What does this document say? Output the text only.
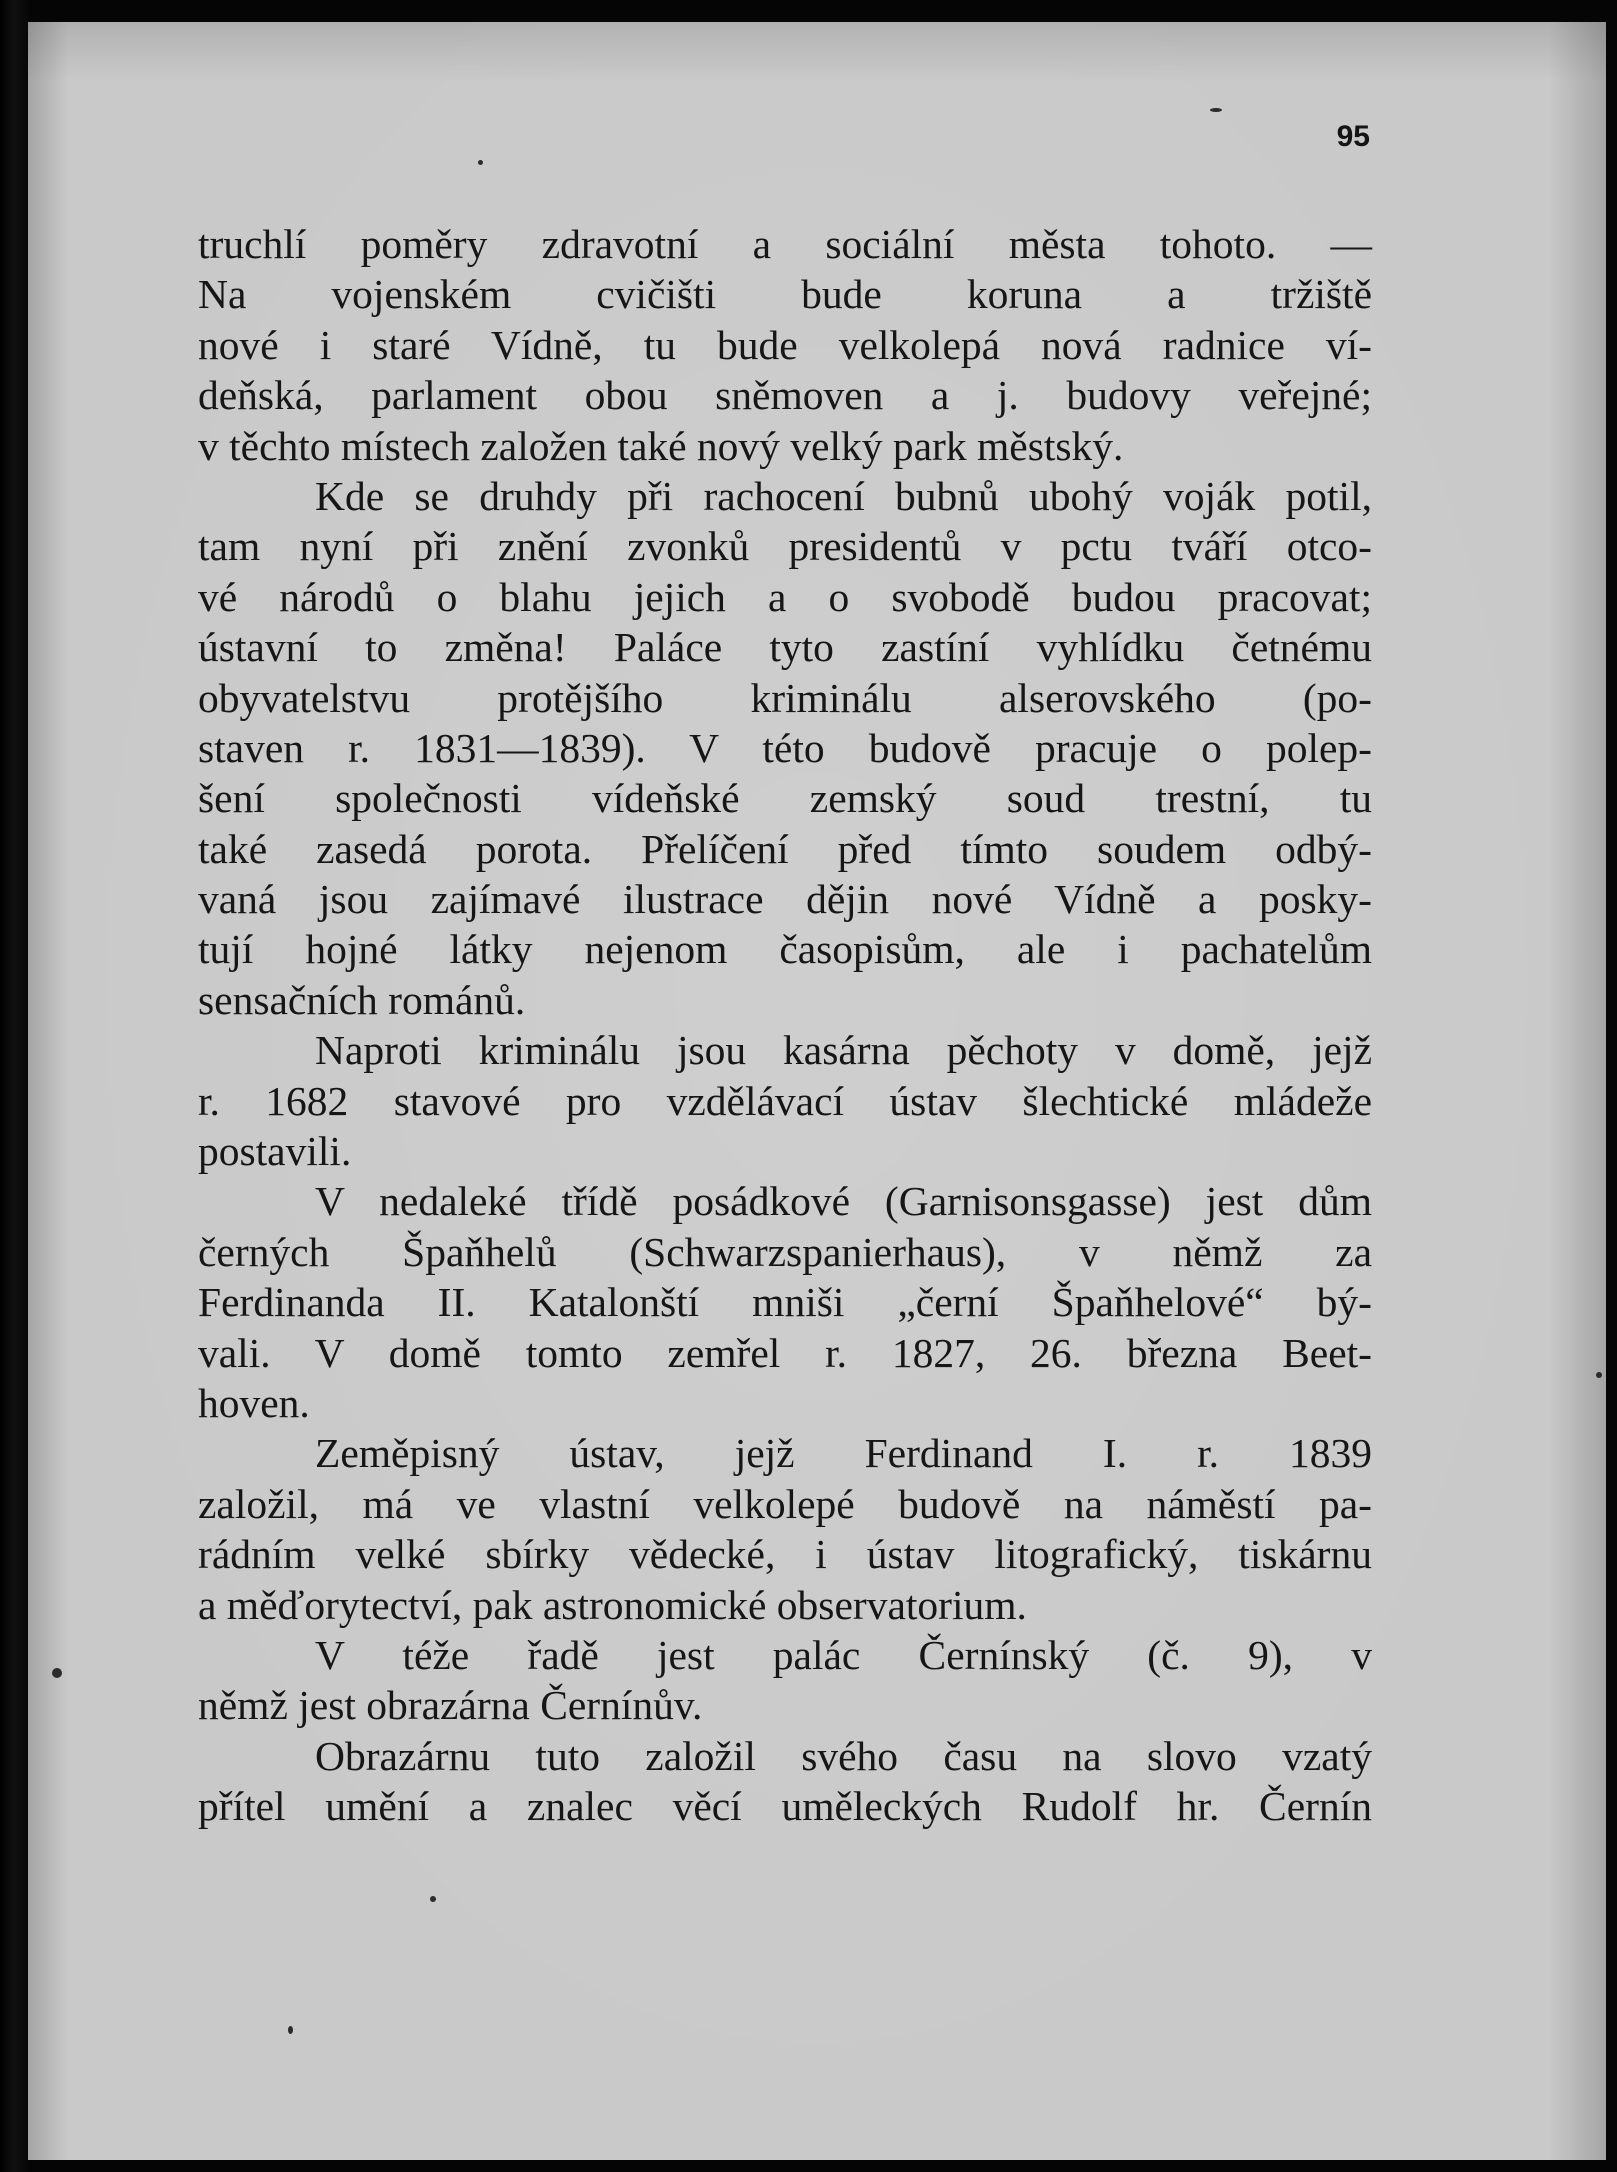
95
truchlí poměry zdravotní a sociální města tohoto. —
Na vojenském cvičišti bude koruna a tržiště
nové i staré Vídně, tu bude velkolepá nová radnice ví-
deňská, parlament obou sněmoven a j. budovy veřejné;
v těchto místech založen také nový velký park městský.
Kde se druhdy při rachocení bubnů ubohý voják potil,
tam nyní při znění zvonků presidentů v pctu tváří otco-
vé národů o blahu jejich a o svobodě budou pracovat;
ústavní to změna! Paláce tyto zastíní vyhlídku četnému
obyvatelstvu protějšího kriminálu alserovského (po-
staven r. 1831—1839). V této budově pracuje o polep-
šení společnosti vídeňské zemský soud trestní, tu
také zasedá porota. Přelíčení před tímto soudem odbý-
vaná jsou zajímavé ilustrace dějin nové Vídně a posky-
tují hojné látky nejenom časopisům, ale i pachatelům
sensačních románů.
Naproti kriminálu jsou kasárna pěchoty v domě, jejž
r. 1682 stavové pro vzdělávací ústav šlechtické mládeže
postavili.
V nedaleké třídě posádkové (Garnisonsgasse) jest dům
černých Špaňhelů (Schwarzspanierhaus), v němž za
Ferdinanda II. Katalonští mniši „černí Špaňhelové“ bý-
vali. V domě tomto zemřel r. 1827, 26. března Beet-
hoven.
Zeměpisný ústav, jejž Ferdinand I. r. 1839
založil, má ve vlastní velkolepé budově na náměstí pa-
rádním velké sbírky vědecké, i ústav litografický, tiskárnu
a měďorytectví, pak astronomické observatorium.
V téže řadě jest palác Černínský (č. 9), v
němž jest obrazárna Černínův.
Obrazárnu tuto založil svého času na slovo vzatý
přítel umění a znalec věcí uměleckých Rudolf hr. Černín
